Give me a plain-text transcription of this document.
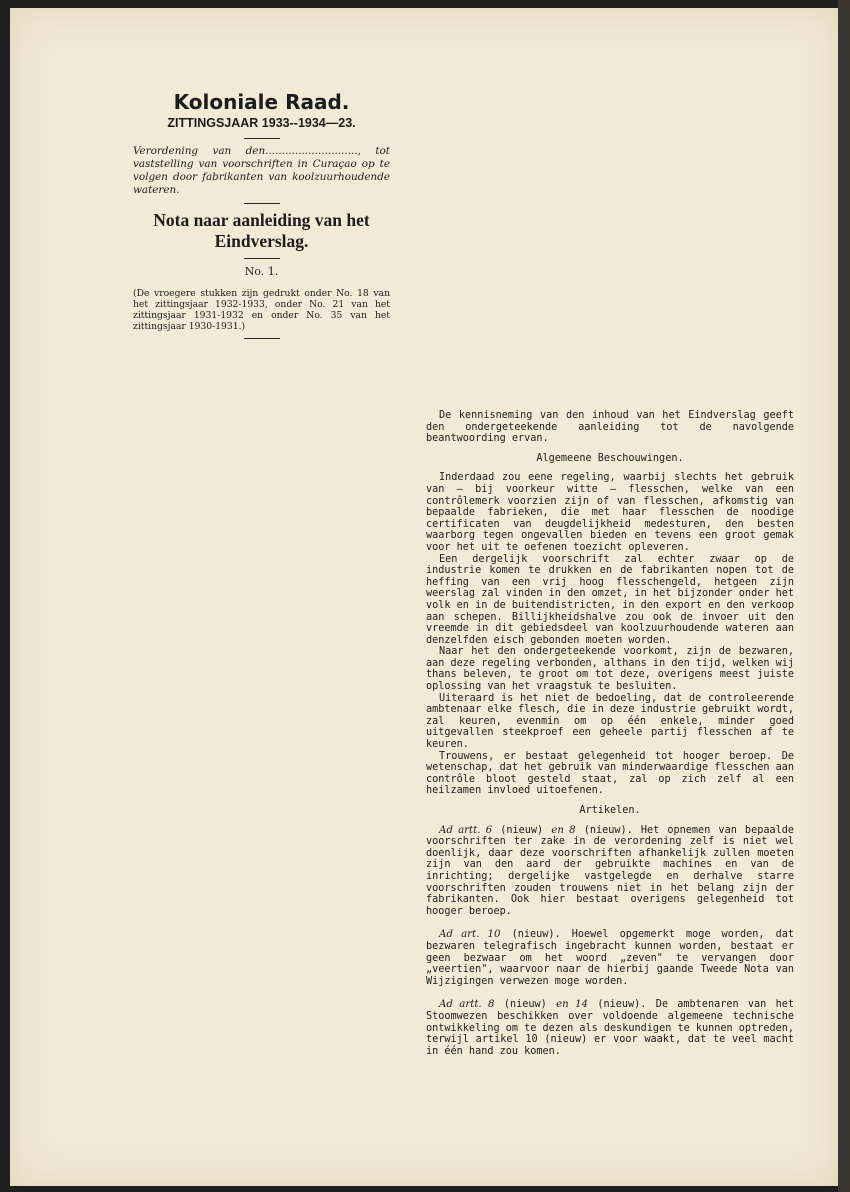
Koloniale Raad.
ZITTINGSJAAR 1933--1934—23.

Verordening van den............................, tot vaststelling van voorschriften in Curaçao op te volgen door fabrikanten van koolzuurhoudende wateren.

Nota naar aanleiding van het Eindverslag.
No. 1.

(De vroegere stukken zijn gedrukt onder No. 18 van het zittingsjaar 1932-1933, onder No. 21 van het zittingsjaar 1931-1932 en onder No. 35 van het zittingsjaar 1930-1931.)

De kennisneming van den inhoud van het Eindverslag geeft den ondergeteekende aanleiding tot de navolgende beantwoording ervan.

Algemeene Beschouwingen.

Inderdaad zou eene regeling, waarbij slechts het gebruik van — bij voorkeur witte — flesschen, welke van een contrôlemerk voorzien zijn of van flesschen, afkomstig van bepaalde fabrieken, die met haar flesschen de noodige certificaten van deugdelijkheid medesturen, den besten waarborg tegen ongevallen bieden en tevens een groot gemak voor het uit te oefenen toezicht opleveren.

Een dergelijk voorschrift zal echter zwaar op de industrie komen te drukken en de fabrikanten nopen tot de heffing van een vrij hoog flesschengeld, hetgeen zijn weerslag zal vinden in den omzet, in het bijzonder onder het volk en in de buitendistricten, in den export en den verkoop aan schepen. Billijkheidshalve zou ook de invoer uit den vreemde in dit gebiedsdeel van koolzuurhoudende wateren aan denzelfden eisch gebonden moeten worden.

Naar het den ondergeteekende voorkomt, zijn de bezwaren, aan deze regeling verbonden, althans in den tijd, welken wij thans beleven, te groot om tot deze, overigens meest juiste oplossing van het vraagstuk te besluiten.

Uiteraard is het niet de bedoeling, dat de controleerende ambtenaar elke flesch, die in deze industrie gebruikt wordt, zal keuren, evenmin om op één enkele, minder goed uitgevallen steekproef een geheele partij flesschen af te keuren.

Trouwens, er bestaat gelegenheid tot hooger beroep. De wetenschap, dat het gebruik van minderwaardige flesschen aan contrôle bloot gesteld staat, zal op zich zelf al een heilzamen invloed uitoefenen.

Artikelen.

Ad artt. 6 (nieuw) en 8 (nieuw). Het opnemen van bepaalde voorschriften ter zake in de verordening zelf is niet wel doenlijk, daar deze voorschriften afhankelijk zullen moeten zijn van den aard der gebruikte machines en van de inrichting; dergelijke vastgelegde en derhalve starre voorschriften zouden trouwens niet in het belang zijn der fabrikanten. Ook hier bestaat overigens gelegenheid tot hooger beroep.

Ad art. 10 (nieuw). Hoewel opgemerkt moge worden, dat bezwaren telegrafisch ingebracht kunnen worden, bestaat er geen bezwaar om het woord „zeven" te vervangen door „veertien", waarvoor naar de hierbij gaande Tweede Nota van Wijzigingen verwezen moge worden.

Ad artt. 8 (nieuw) en 14 (nieuw). De ambtenaren van het Stoomwezen beschikken over voldoende algemeene technische ontwikkeling om te dezen als deskundigen te kunnen optreden, terwijl artikel 10 (nieuw) er voor waakt, dat te veel macht in één hand zou komen.
